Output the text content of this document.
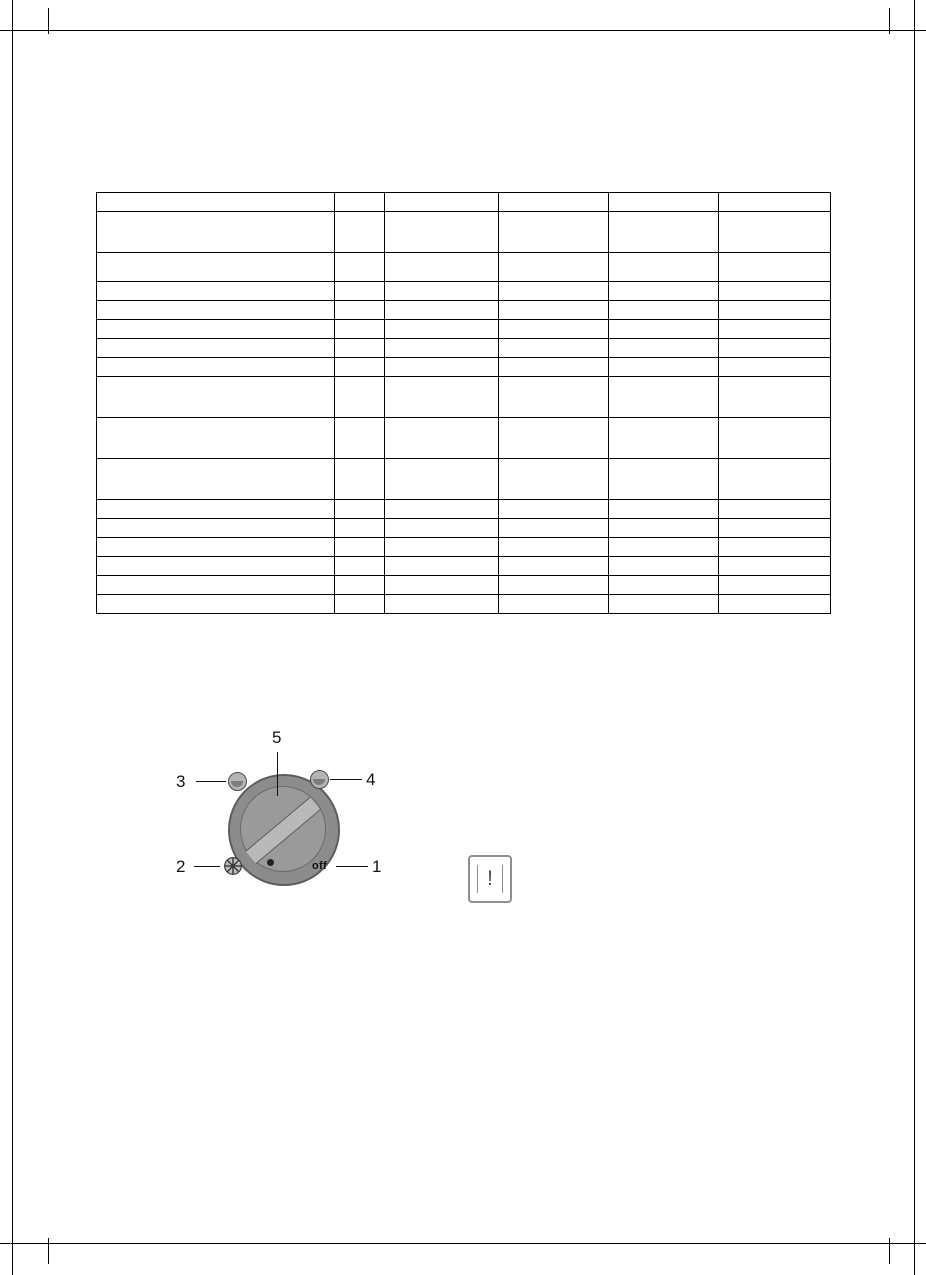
5
3	4
2	off	1
!
